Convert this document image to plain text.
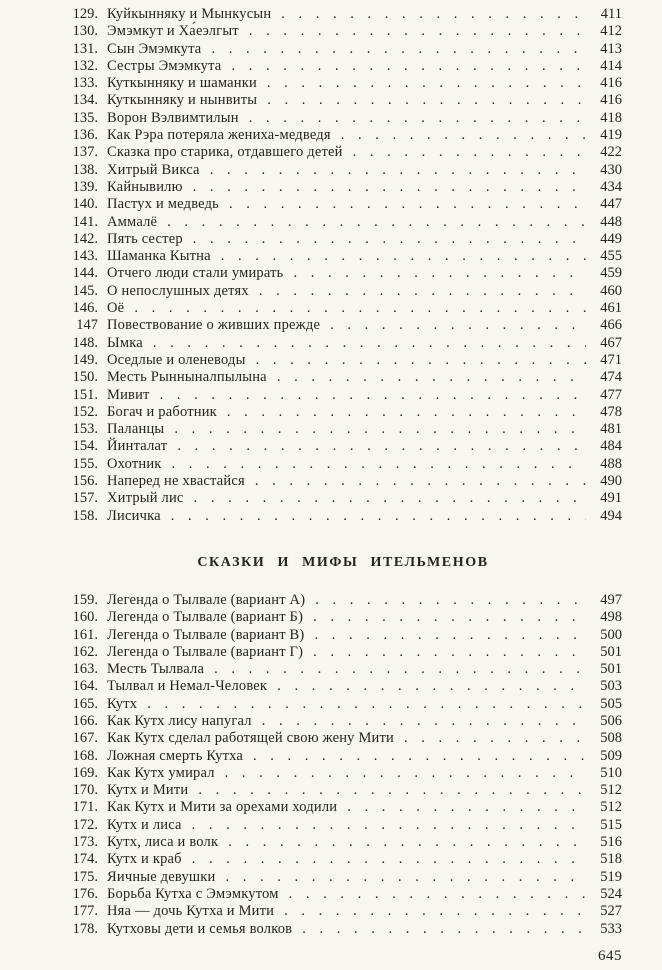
129. Куйкынняку и Мынкусын . . .	411
130. Эмэмкут и Ха́еэлгыт . . .	412
131. Сын Эмэмкута . . .	413
132. Сестры Эмэмкута . . .	414
133. Куткынняку и шаманки . . .	416
134. Куткынняку и нынвиты . . .	416
135. Ворон Вэлвимтилын . . .	418
136. Как Рэра потеряла жениха-медведя . . .	419
137. Сказка про старика, отдавшего детей . . .	422
138. Хитрый Викса . . .	430
139. Кайнывилю . . .	434
140. Пастух и медведь . . .	447
141. Аммалё . . .	448
142. Пять сестер . . .	449
143. Шаманка Кытна . . .	455
144. Отчего люди стали умирать . . .	459
145. О непослушных детях . . .	460
146. Оё . . .	461
147 Повествование о живших прежде . . .	466
148. Ымка . . .	467
149. Оседлые и оленеводы . . .	471
150. Месть Рынныналпылына . . .	474
151. Мивит . . .	477
152. Богач и работник . . .	478
153. Паланцы . . .	481
154. Йинталат . . .	484
155. Охотник . . .	488
156. Наперед не хвастайся . . .	490
157. Хитрый лис . . .	491
158. Лисичка . . .	494
СКАЗКИ И МИФЫ ИТЕЛЬМЕНОВ
159. Легенда о Тылвале (вариант А) . . .	497
160. Легенда о Тылвале (вариант Б) . . .	498
161. Легенда о Тылвале (вариант В) . . .	500
162. Легенда о Тылвале (вариант Г) . . .	501
163. Месть Тылвала . . .	501
164. Тылвал и Немал-Человек . . .	503
165. Кутх . . .	505
166. Как Кутх лису напугал . . .	506
167. Как Кутх сделал работящей свою жену Мити . . .	508
168. Ложная смерть Кутха . . .	509
169. Как Кутх умирал . . .	510
170. Кутх и Мити . . .	512
171. Как Кутх и Мити за орехами ходили . . .	512
172. Кутх и лиса . . .	515
173. Кутх, лиса и волк . . .	516
174. Кутх и краб . . .	518
175. Яичные девушки . . .	519
176. Борьба Кутха с Эмэмкутом . . .	524
177. Няа — дочь Кутха и Мити . . .	527
178. Кутховы дети и семья волков . . .	533
645
